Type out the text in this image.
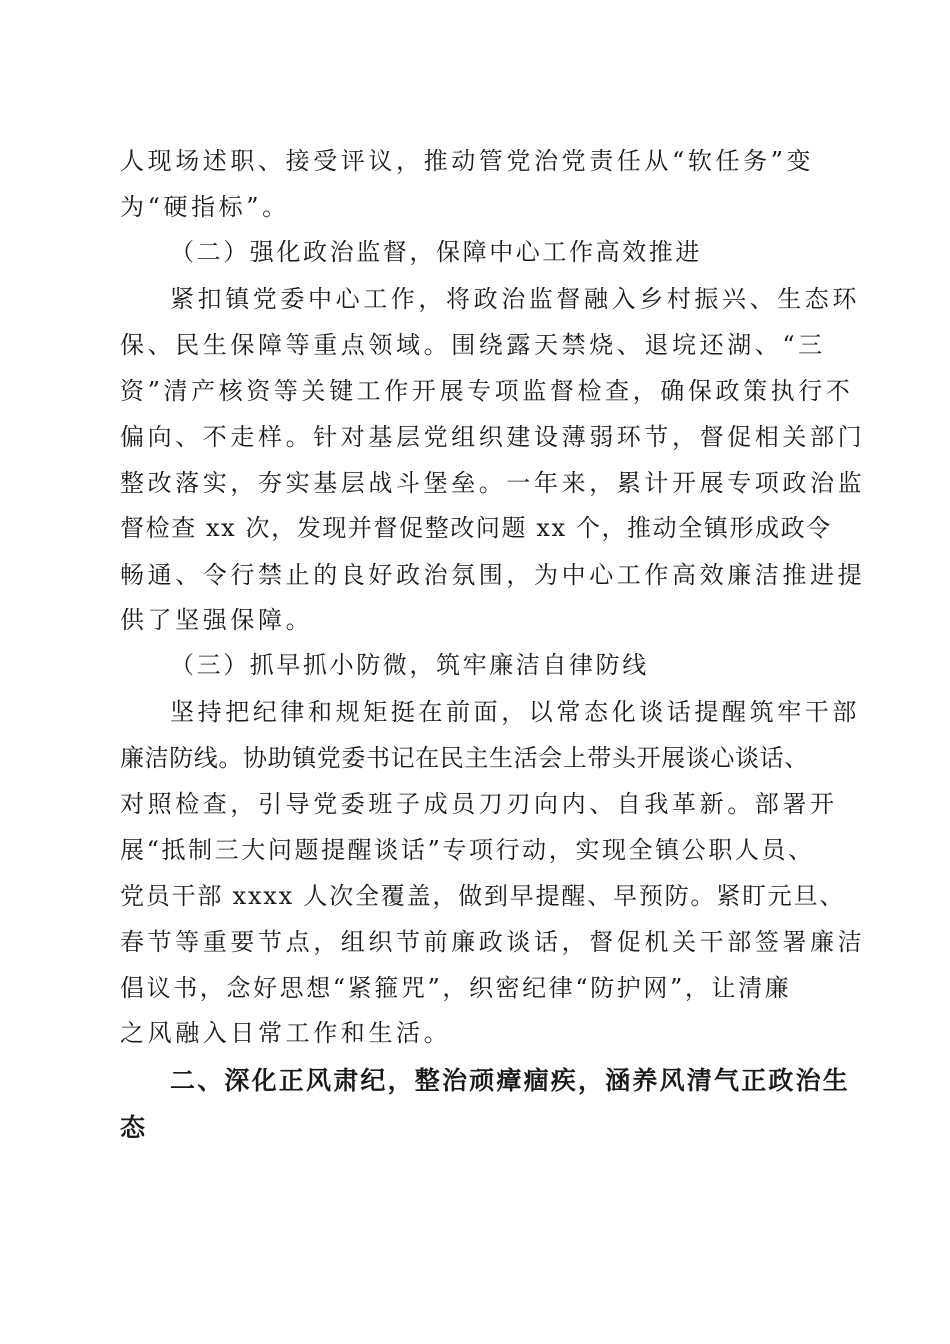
人现场述职、接受评议，推动管党治党责任从“软任务”变
为“硬指标”。
（二）强化政治监督，保障中心工作高效推进
紧扣镇党委中心工作，将政治监督融入乡村振兴、生态环
保、民生保障等重点领域。围绕露天禁烧、退垸还湖、“三
资”清产核资等关键工作开展专项监督检查，确保政策执行不
偏向、不走样。针对基层党组织建设薄弱环节，督促相关部门
整改落实，夯实基层战斗堡垒。一年来，累计开展专项政治监
督检查 xx 次，发现并督促整改问题 xx 个，推动全镇形成政令
畅通、令行禁止的良好政治氛围，为中心工作高效廉洁推进提
供了坚强保障。
（三）抓早抓小防微，筑牢廉洁自律防线
坚持把纪律和规矩挺在前面，以常态化谈话提醒筑牢干部
廉洁防线。协助镇党委书记在民主生活会上带头开展谈心谈话、
对照检查，引导党委班子成员刀刃向内、自我革新。部署开
展“抵制三大问题提醒谈话”专项行动，实现全镇公职人员、
党员干部 xxxx 人次全覆盖，做到早提醒、早预防。紧盯元旦、
春节等重要节点，组织节前廉政谈话，督促机关干部签署廉洁
倡议书，念好思想“紧箍咒”，织密纪律“防护网”，让清廉
之风融入日常工作和生活。
二、深化正风肃纪，整治顽瘴痼疾，涵养风清气正政治生
态
